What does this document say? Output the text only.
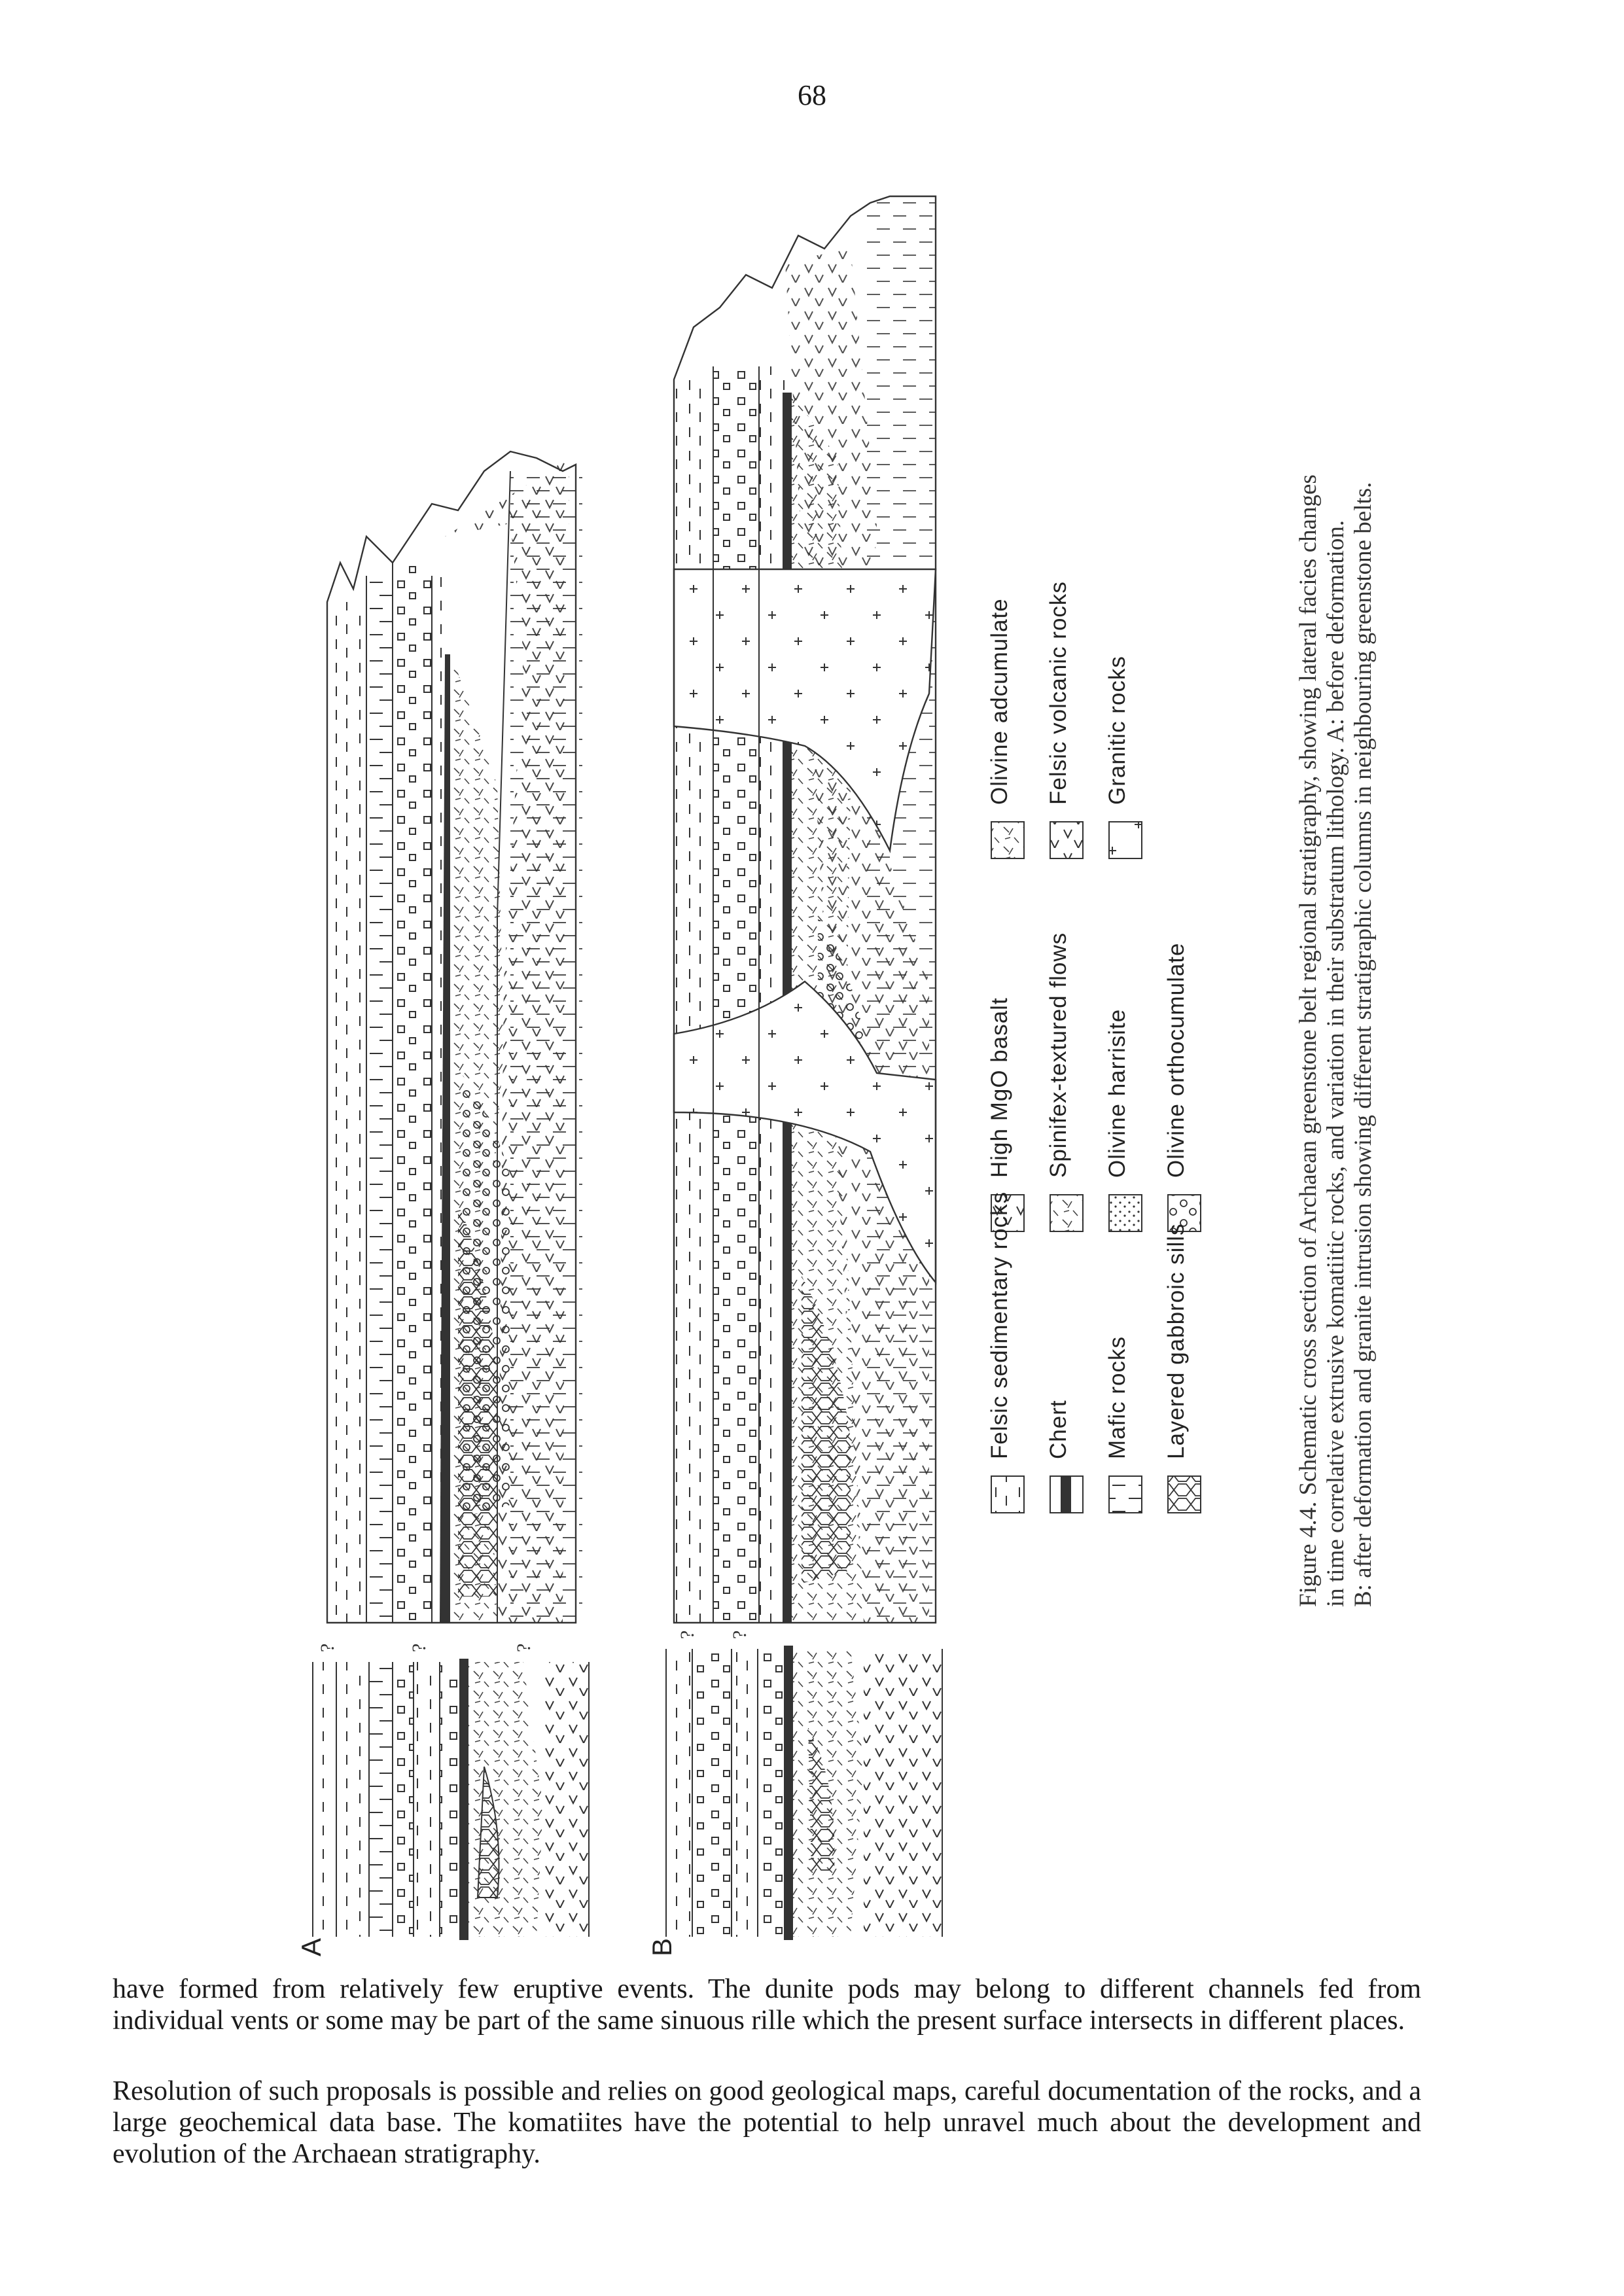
68
?	?	?
? ?
A	B
Felsic sedimentary rocks Chert Mafic rocks Layered gabbroic sills
High MgO basalt Spinifex-textured flows Olivine harrisite Olivine orthocumulate
Olivine adcumulate Felsic volcanic rocks Granitic rocks	Figure 4.4. Schematic cross section of Archaean greenstone belt regional stratigraphy, showing lateral facies changes in time correlative extrusive komatiitic rocks, and variation in their substratum lithology. A: before deformation. B: after deformation and granite intrusion showing different stratigraphic columns in neighbouring greenstone belts.

have formed from relatively few eruptive events. The dunite pods may belong to different channels fed from individual vents or some may be part of the same sinuous rille which the present surface intersects in different places.

Resolution of such proposals is possible and relies on good geological maps, careful documentation of the rocks, and a large geochemical data base. The komatiites have the potential to help unravel much about the development and evolution of the Archaean stratigraphy.
